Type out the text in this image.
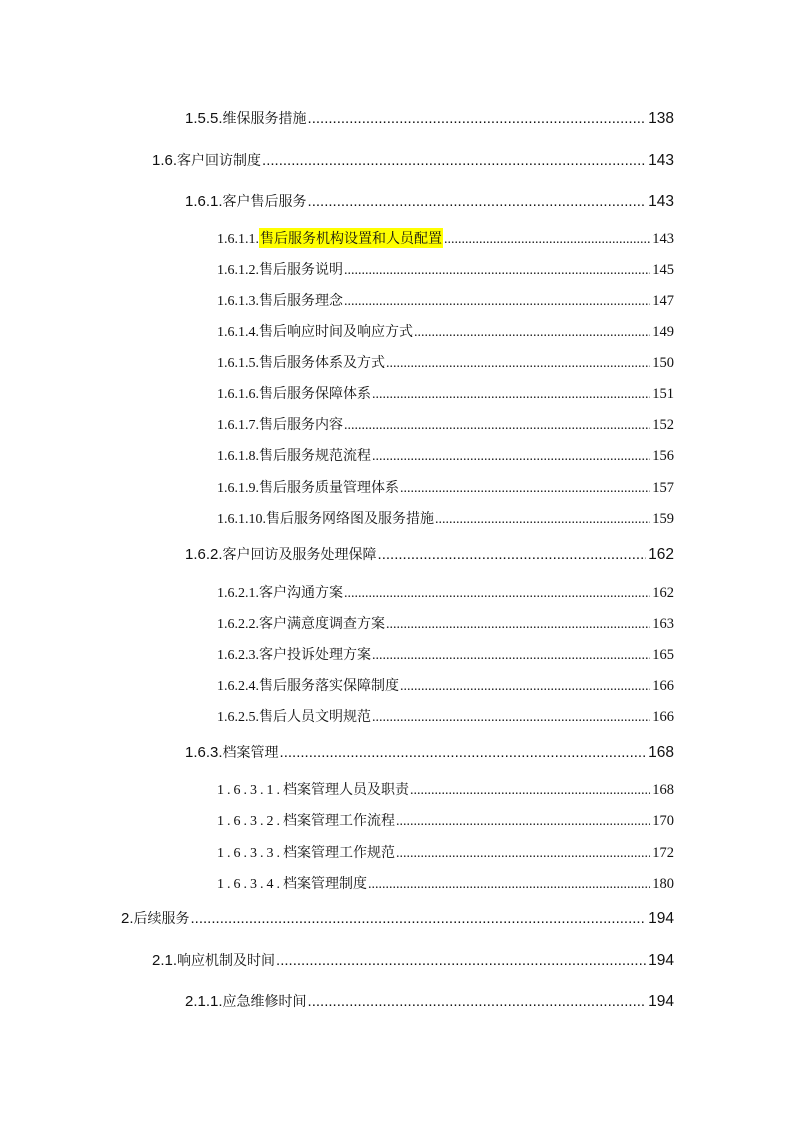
1.5.5. 维保服务措施 .....	138
1.6. 客户回访制度 .....	143
1.6.1. 客户售后服务 .....	143
1.6.1.1. 售后服务机构设置和人员配置 .....	143
1.6.1.2. 售后服务说明 .....	145
1.6.1.3. 售后服务理念 .....	147
1.6.1.4. 售后响应时间及响应方式 .....	149
1.6.1.5. 售后服务体系及方式 .....	150
1.6.1.6. 售后服务保障体系 .....	151
1.6.1.7. 售后服务内容 .....	152
1.6.1.8. 售后服务规范流程 .....	156
1.6.1.9. 售后服务质量管理体系 .....	157
1.6.1.10. 售后服务网络图及服务措施 .....	159
1.6.2. 客户回访及服务处理保障 .....	162
1.6.2.1. 客户沟通方案 .....	162
1.6.2.2. 客户满意度调查方案 .....	163
1.6.2.3. 客户投诉处理方案 .....	165
1.6.2.4. 售后服务落实保障制度 .....	166
1.6.2.5. 售后人员文明规范 .....	166
1.6.3. 档案管理 .....	168
1.6.3.1. 档案管理人员及职责 .....	168
1.6.3.2. 档案管理工作流程 .....	170
1.6.3.3. 档案管理工作规范 .....	172
1.6.3.4. 档案管理制度 .....	180
2. 后续服务 .....	194
2.1. 响应机制及时间 .....	194
2.1.1. 应急维修时间 .....	194
